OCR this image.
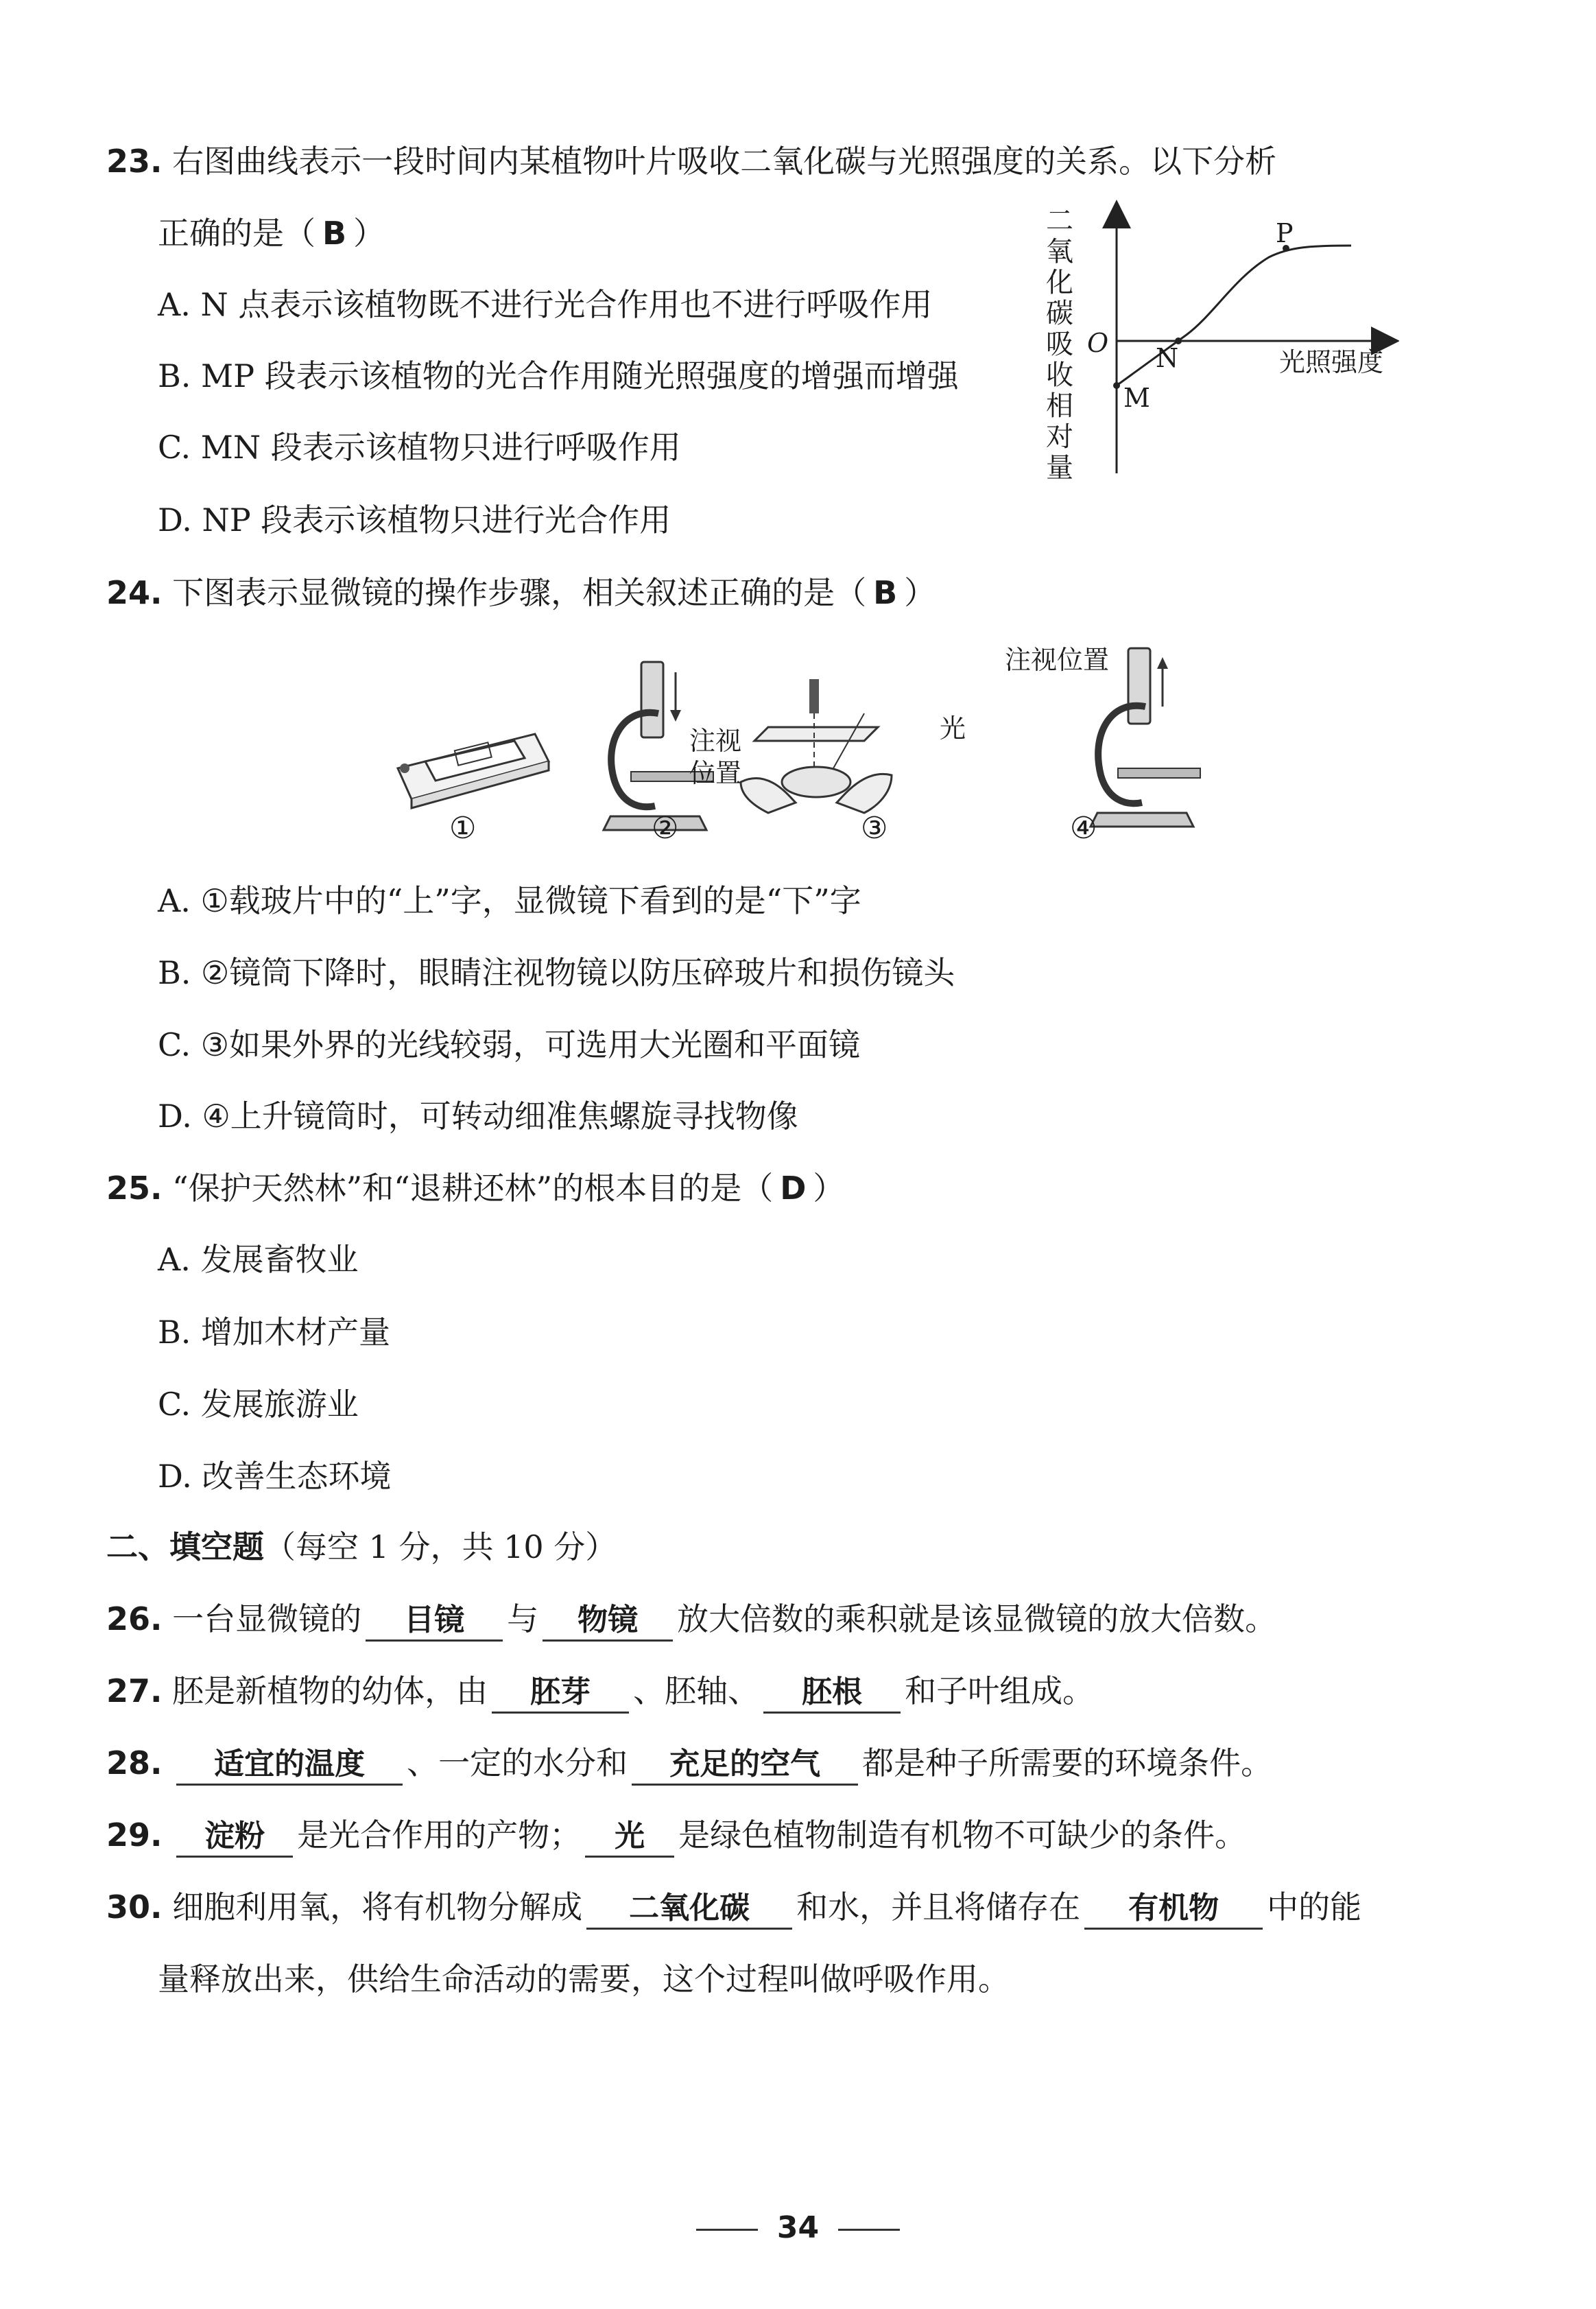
23. 右图曲线表示一段时间内某植物叶片吸收二氧化碳与光照强度的关系。以下分析
正确的是（ B ）
A. N 点表示该植物既不进行光合作用也不进行呼吸作用
B. MP 段表示该植物的光合作用随光照强度的增强而增强
C. MN 段表示该植物只进行呼吸作用
D. NP 段表示该植物只进行光合作用
二氧化碳吸收相对量
O
M
N
P
光照强度
24. 下图表示显微镜的操作步骤，相关叙述正确的是（ B ）
注视
位置
光
注视位置
①	②	③	④
A. ①载玻片中的“上”字，显微镜下看到的是“下”字
B. ②镜筒下降时，眼睛注视物镜以防压碎玻片和损伤镜头
C. ③如果外界的光线较弱，可选用大光圈和平面镜
D. ④上升镜筒时，可转动细准焦螺旋寻找物像
25. “保护天然林”和“退耕还林”的根本目的是（ D ）
A. 发展畜牧业
B. 增加木材产量
C. 发展旅游业
D. 改善生态环境
二、填空题（每空 1 分，共 10 分）
26. 一台显微镜的 目镜 与 物镜 放大倍数的乘积就是该显微镜的放大倍数。
27. 胚是新植物的幼体，由 胚芽 、胚轴、 胚根 和子叶组成。
28. 适宜的温度 、一定的水分和 充足的空气 都是种子所需要的环境条件。
29. 淀粉 是光合作用的产物； 光 是绿色植物制造有机物不可缺少的条件。
30. 细胞利用氧，将有机物分解成 二氧化碳 和水，并且将储存在 有机物 中的能
量释放出来，供给生命活动的需要，这个过程叫做呼吸作用。
34
